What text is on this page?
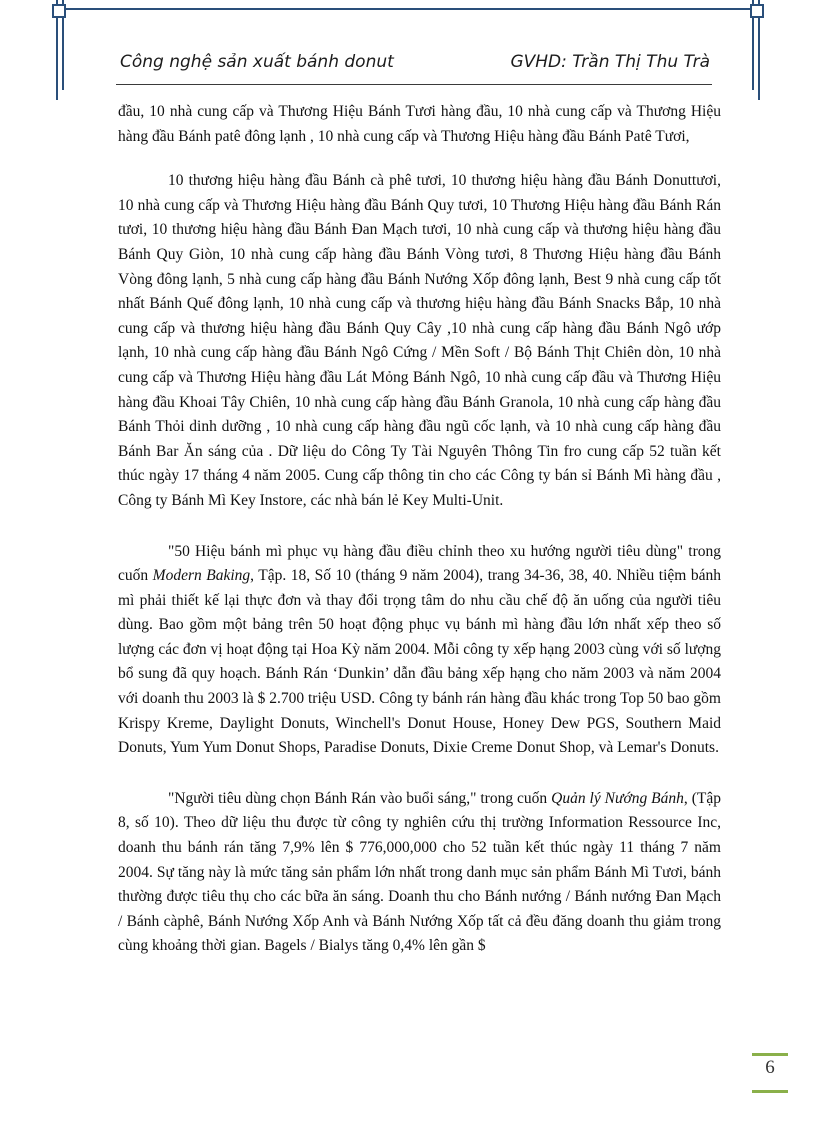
Công nghệ sản xuất bánh donut	GVHD: Trần Thị Thu Trà

đầu, 10 nhà cung cấp và Thương Hiệu Bánh Tươi hàng đầu, 10 nhà cung cấp và Thương Hiệu hàng đầu Bánh patê đông lạnh , 10 nhà cung cấp và Thương Hiệu hàng đầu Bánh Patê Tươi,

10 thương hiệu hàng đầu Bánh cà phê tươi, 10 thương hiệu hàng đầu Bánh Donuttươi, 10 nhà cung cấp và Thương Hiệu hàng đầu Bánh Quy tươi, 10 Thương Hiệu hàng đầu Bánh Rán tươi, 10 thương hiệu hàng đầu Bánh Đan Mạch tươi, 10 nhà cung cấp và thương hiệu hàng đầu Bánh Quy Giòn, 10 nhà cung cấp hàng đầu Bánh Vòng tươi, 8 Thương Hiệu hàng đầu Bánh Vòng đông lạnh, 5 nhà cung cấp hàng đầu Bánh Nướng Xốp đông lạnh, Best 9 nhà cung cấp tốt nhất Bánh Quế đông lạnh, 10 nhà cung cấp và thương hiệu hàng đầu Bánh Snacks Bắp, 10 nhà cung cấp và thương hiệu hàng đầu Bánh Quy Cây ,10 nhà cung cấp hàng đầu Bánh Ngô ướp lạnh, 10 nhà cung cấp hàng đầu Bánh Ngô Cứng / Mền Soft / Bộ Bánh Thịt Chiên dòn, 10 nhà cung cấp và Thương Hiệu hàng đầu Lát Mỏng Bánh Ngô, 10 nhà cung cấp đầu và Thương Hiệu hàng đầu Khoai Tây Chiên, 10 nhà cung cấp hàng đầu Bánh Granola, 10 nhà cung cấp hàng đầu Bánh Thỏi dinh dưỡng , 10 nhà cung cấp hàng đầu ngũ cốc lạnh, và 10 nhà cung cấp hàng đầu Bánh Bar Ăn sáng của . Dữ liệu do Công Ty Tài Nguyên Thông Tin fro cung cấp 52 tuần kết thúc ngày 17 tháng 4 năm 2005. Cung cấp thông tin cho các Công ty bán sỉ Bánh Mì hàng đầu , Công ty Bánh Mì Key Instore, các nhà bán lẻ Key Multi-Unit.

"50 Hiệu bánh mì phục vụ hàng đầu điều chỉnh theo xu hướng người tiêu dùng" trong cuốn Modern Baking, Tập. 18, Số 10 (tháng 9 năm 2004), trang 34-36, 38, 40. Nhiều tiệm bánh mì phải thiết kế lại thực đơn và thay đổi trọng tâm do nhu cầu chế độ ăn uống của người tiêu dùng. Bao gồm một bảng trên 50 hoạt động phục vụ bánh mì hàng đầu lớn nhất xếp theo số lượng các đơn vị hoạt động tại Hoa Kỳ năm 2004. Mỗi công ty xếp hạng 2003 cùng với số lượng bổ sung đã quy hoạch. Bánh Rán ‘Dunkin’ dẫn đầu bảng xếp hạng cho năm 2003 và năm 2004 với doanh thu 2003 là $ 2.700 triệu USD. Công ty bánh rán hàng đầu khác trong Top 50 bao gồm Krispy Kreme, Daylight Donuts, Winchell's Donut House, Honey Dew PGS, Southern Maid Donuts, Yum Yum Donut Shops, Paradise Donuts, Dixie Creme Donut Shop, và Lemar's Donuts.

"Người tiêu dùng chọn Bánh Rán vào buổi sáng," trong cuốn Quản lý Nướng Bánh, (Tập 8, số 10). Theo dữ liệu thu được từ công ty nghiên cứu thị trường Information Ressource Inc, doanh thu bánh rán tăng 7,9% lên $ 776,000,000 cho 52 tuần kết thúc ngày 11 tháng 7 năm 2004. Sự tăng này là mức tăng sản phẩm lớn nhất trong danh mục sản phẩm Bánh Mì Tươi, bánh thường được tiêu thụ cho các bữa ăn sáng. Doanh thu cho Bánh nướng / Bánh nướng Đan Mạch / Bánh càphê, Bánh Nướng Xốp Anh và Bánh Nướng Xốp tất cả đều đăng doanh thu giảm trong cùng khoảng thời gian. Bagels / Bialys tăng 0,4% lên gần $

6
